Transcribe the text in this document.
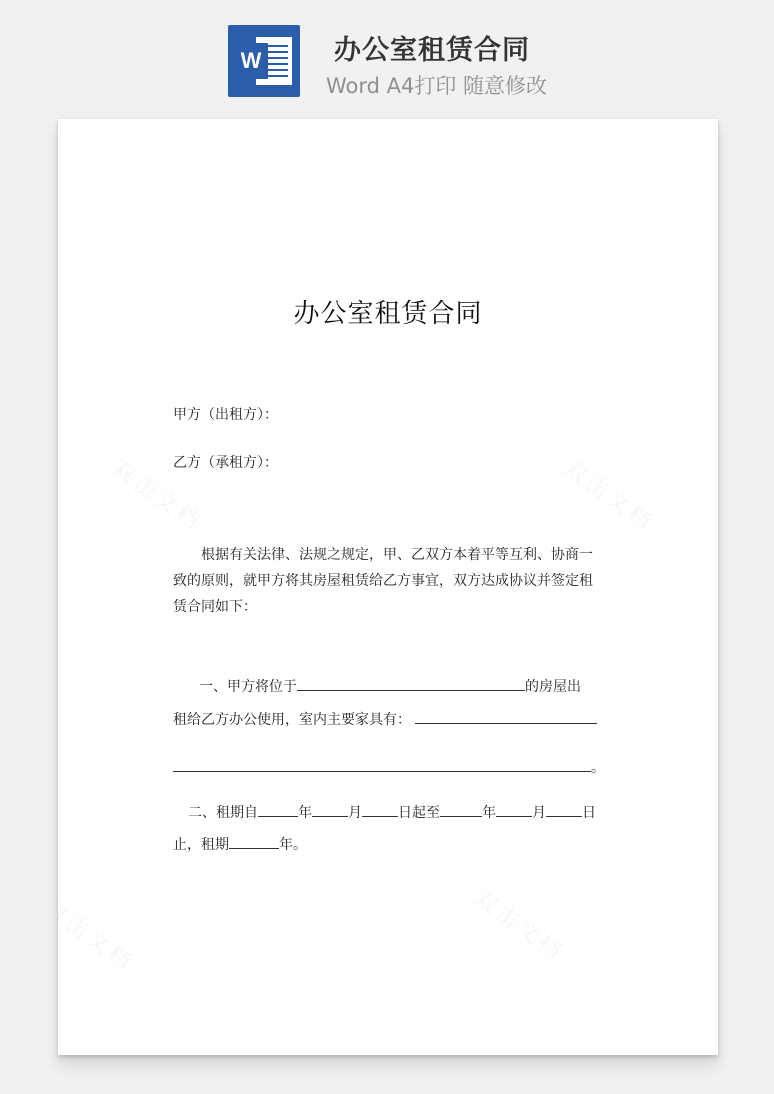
W	办公室租赁合同
Word A4打印 随意修改
办公室租赁合同
甲方（出租方）：
乙方（承租方）：
根据有关法律、法规之规定，甲、乙双方本着平等互利、协商一
致的原则，就甲方将其房屋租赁给乙方事宜，双方达成协议并签定租
赁合同如下：
一、甲方将位于	的房屋出
租给乙方办公使用，室内主要家具有：
。
二、租期自	年	月	日起至	年	月	日
止，租期	年。
